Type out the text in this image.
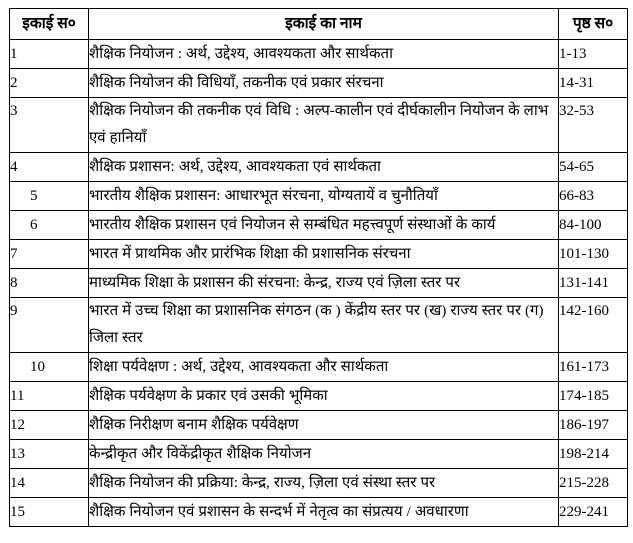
इकाई स०	इकाई का नाम	पृष्ठ स०
1	शैक्षिक नियोजन : अर्थ, उद्देश्य, आवश्यकता और सार्थकता	1-13
2	शैक्षिक नियोजन की विधियाँ, तकनीक एवं प्रकार संरचना	14-31
3	शैक्षिक नियोजन की तकनीक एवं विधि : अल्प-कालीन एवं दीर्घकालीन नियोजन के लाभ एवं हानियाँ	32-53
4	शैक्षिक प्रशासन: अर्थ, उद्देश्य, आवश्यकता एवं सार्थकता	54-65
5	भारतीय शैक्षिक प्रशासन: आधारभूत संरचना, योग्यतायें व चुनौतियाँ	66-83
6	भारतीय शैक्षिक प्रशासन एवं नियोजन से सम्बंधित महत्त्वपूर्ण संस्थाओं के कार्य	84-100
7	भारत में प्राथमिक और प्रारंभिक शिक्षा की प्रशासनिक संरचना	101-130
8	माध्यमिक शिक्षा के प्रशासन की संरचना: केन्द्र, राज्य एवं ज़िला स्तर पर	131-141
9	भारत में उच्च शिक्षा का प्रशासनिक संगठन (क ) केंद्रीय स्तर पर (ख) राज्य स्तर पर (ग) जिला स्तर	142-160
10	शिक्षा पर्यवेक्षण : अर्थ, उद्देश्य, आवश्यकता और सार्थकता	161-173
11	शैक्षिक पर्यवेक्षण के प्रकार एवं उसकी भूमिका	174-185
12	शैक्षिक निरीक्षण बनाम शैक्षिक पर्यवेक्षण	186-197
13	केन्द्रीकृत और विकेंद्रीकृत शैक्षिक नियोजन	198-214
14	शैक्षिक नियोजन की प्रक्रिया: केन्द्र, राज्य, ज़िला एवं संस्था स्तर पर	215-228
15	शैक्षिक नियोजन एवं प्रशासन के सन्दर्भ में नेतृत्व का संप्रत्यय / अवधारणा	229-241
